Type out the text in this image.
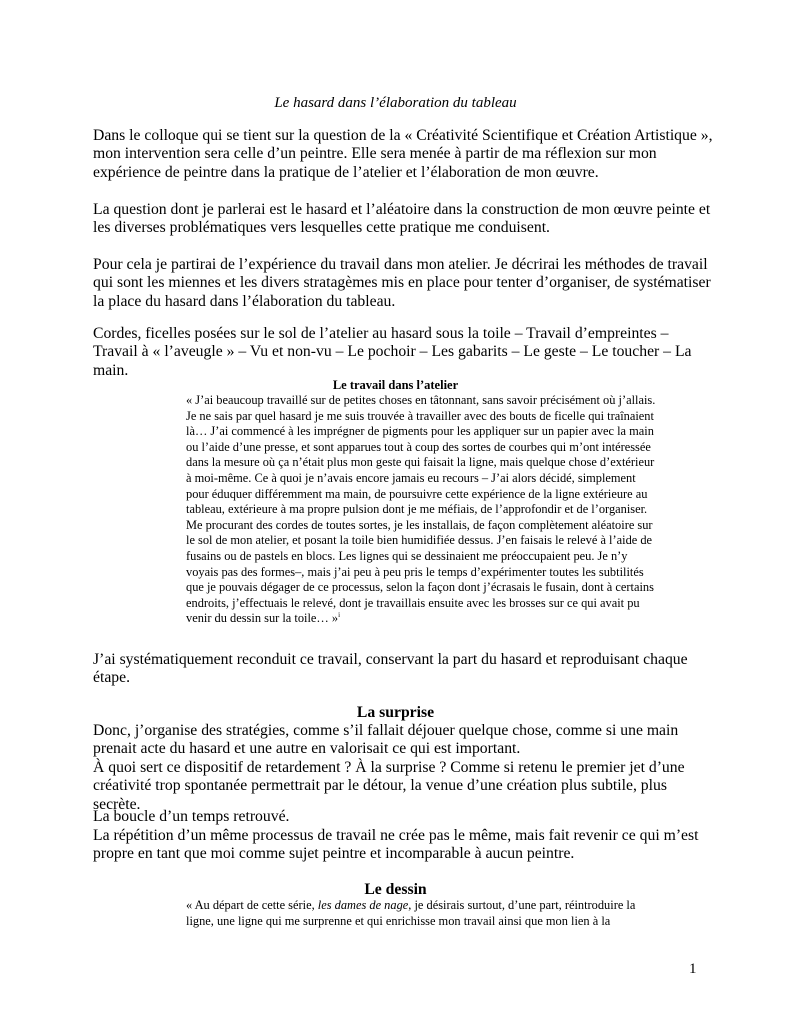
Le hasard dans l’élaboration du tableau

Dans le colloque qui se tient sur la question de la « Créativité Scientifique et Création Artistique », mon intervention sera celle d’un peintre. Elle sera menée à partir de ma réflexion sur mon expérience de peintre dans la pratique de l’atelier et l’élaboration de mon œuvre.

La question dont je parlerai est le hasard et l’aléatoire dans la construction de mon œuvre peinte et les diverses problématiques vers lesquelles cette pratique me conduisent.

Pour cela je partirai de l’expérience du travail dans mon atelier. Je décrirai les méthodes de travail qui sont les miennes et les divers stratagèmes mis en place pour tenter d’organiser, de systématiser la place du hasard dans l’élaboration du tableau.

Cordes, ficelles posées sur le sol de l’atelier au hasard sous la toile – Travail d’empreintes – Travail à « l’aveugle » – Vu et non-vu – Le pochoir – Les gabarits – Le geste – Le toucher – La main.

Le travail dans l’atelier

« J’ai beaucoup travaillé sur de petites choses en tâtonnant, sans savoir précisément où j’allais. Je ne sais par quel hasard je me suis trouvée à travailler avec des bouts de ficelle qui traînaient là… J’ai commencé à les imprégner de pigments pour les appliquer sur un papier avec la main ou l’aide d’une presse, et sont apparues tout à coup des sortes de courbes qui m’ont intéressée dans la mesure où ça n’était plus mon geste qui faisait la ligne, mais quelque chose d’extérieur à moi-même. Ce à quoi je n’avais encore jamais eu recours – J’ai alors décidé, simplement pour éduquer différemment ma main, de poursuivre cette expérience de la ligne extérieure au tableau, extérieure à ma propre pulsion dont je me méfiais, de l’approfondir et de l’organiser. Me procurant des cordes de toutes sortes, je les installais, de façon complètement aléatoire sur le sol de mon atelier, et posant la toile bien humidifiée dessus. J’en faisais le relevé à l’aide de fusains ou de pastels en blocs. Les lignes qui se dessinaient me préoccupaient peu. Je n’y voyais pas des formes–, mais j’ai peu à peu pris le temps d’expérimenter toutes les subtilités que je pouvais dégager de ce processus, selon la façon dont j’écrasais le fusain, dont à certains endroits, j’effectuais le relevé, dont je travaillais ensuite avec les brosses sur ce qui avait pu venir du dessin sur la toile… »$^i$

J’ai systématiquement reconduit ce travail, conservant la part du hasard et reproduisant chaque étape.

La surprise

Donc, j’organise des stratégies, comme s’il fallait déjouer quelque chose, comme si une main prenait acte du hasard et une autre en valorisait ce qui est important.

À quoi sert ce dispositif de retardement ? À la surprise ? Comme si retenu le premier jet d’une créativité trop spontanée permettrait par le détour, la venue d’une création plus subtile, plus secrète.

La boucle d’un temps retrouvé.

La répétition d’un même processus de travail ne crée pas le même, mais fait revenir ce qui m’est propre en tant que moi comme sujet peintre et incomparable à aucun peintre.

Le dessin

« Au départ de cette série, les dames de nage, je désirais surtout, d’une part, réintroduire la ligne, une ligne qui me surprenne et qui enrichisse mon travail ainsi que mon lien à la

1
